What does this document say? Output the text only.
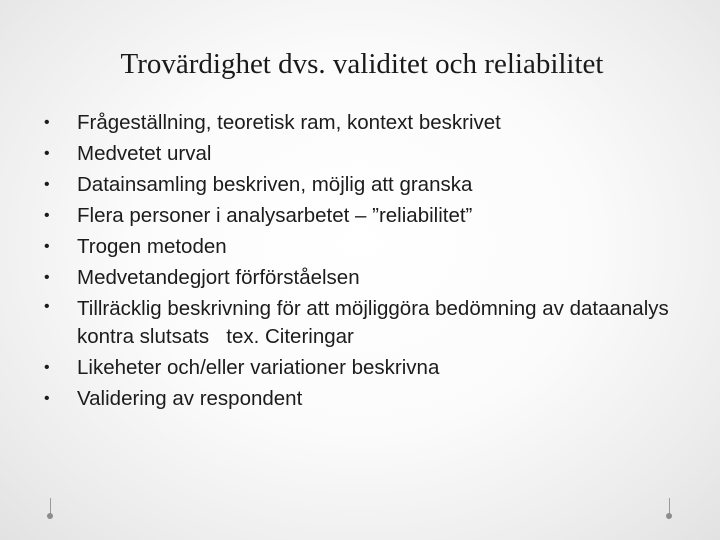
Trovärdighet dvs. validitet och reliabilitet
•	Frågeställning, teoretisk ram, kontext beskrivet
•	Medvetet urval
•	Datainsamling beskriven, möjlig att granska
•	Flera personer i analysarbetet – ”reliabilitet”
•	Trogen metoden
•	Medvetandegjort förförståelsen
•	Tillräcklig beskrivning för att möjliggöra bedömning av dataanalys kontra slutsats   tex. Citeringar
•	Likeheter och/eller variationer beskrivna
•	Validering av respondent
